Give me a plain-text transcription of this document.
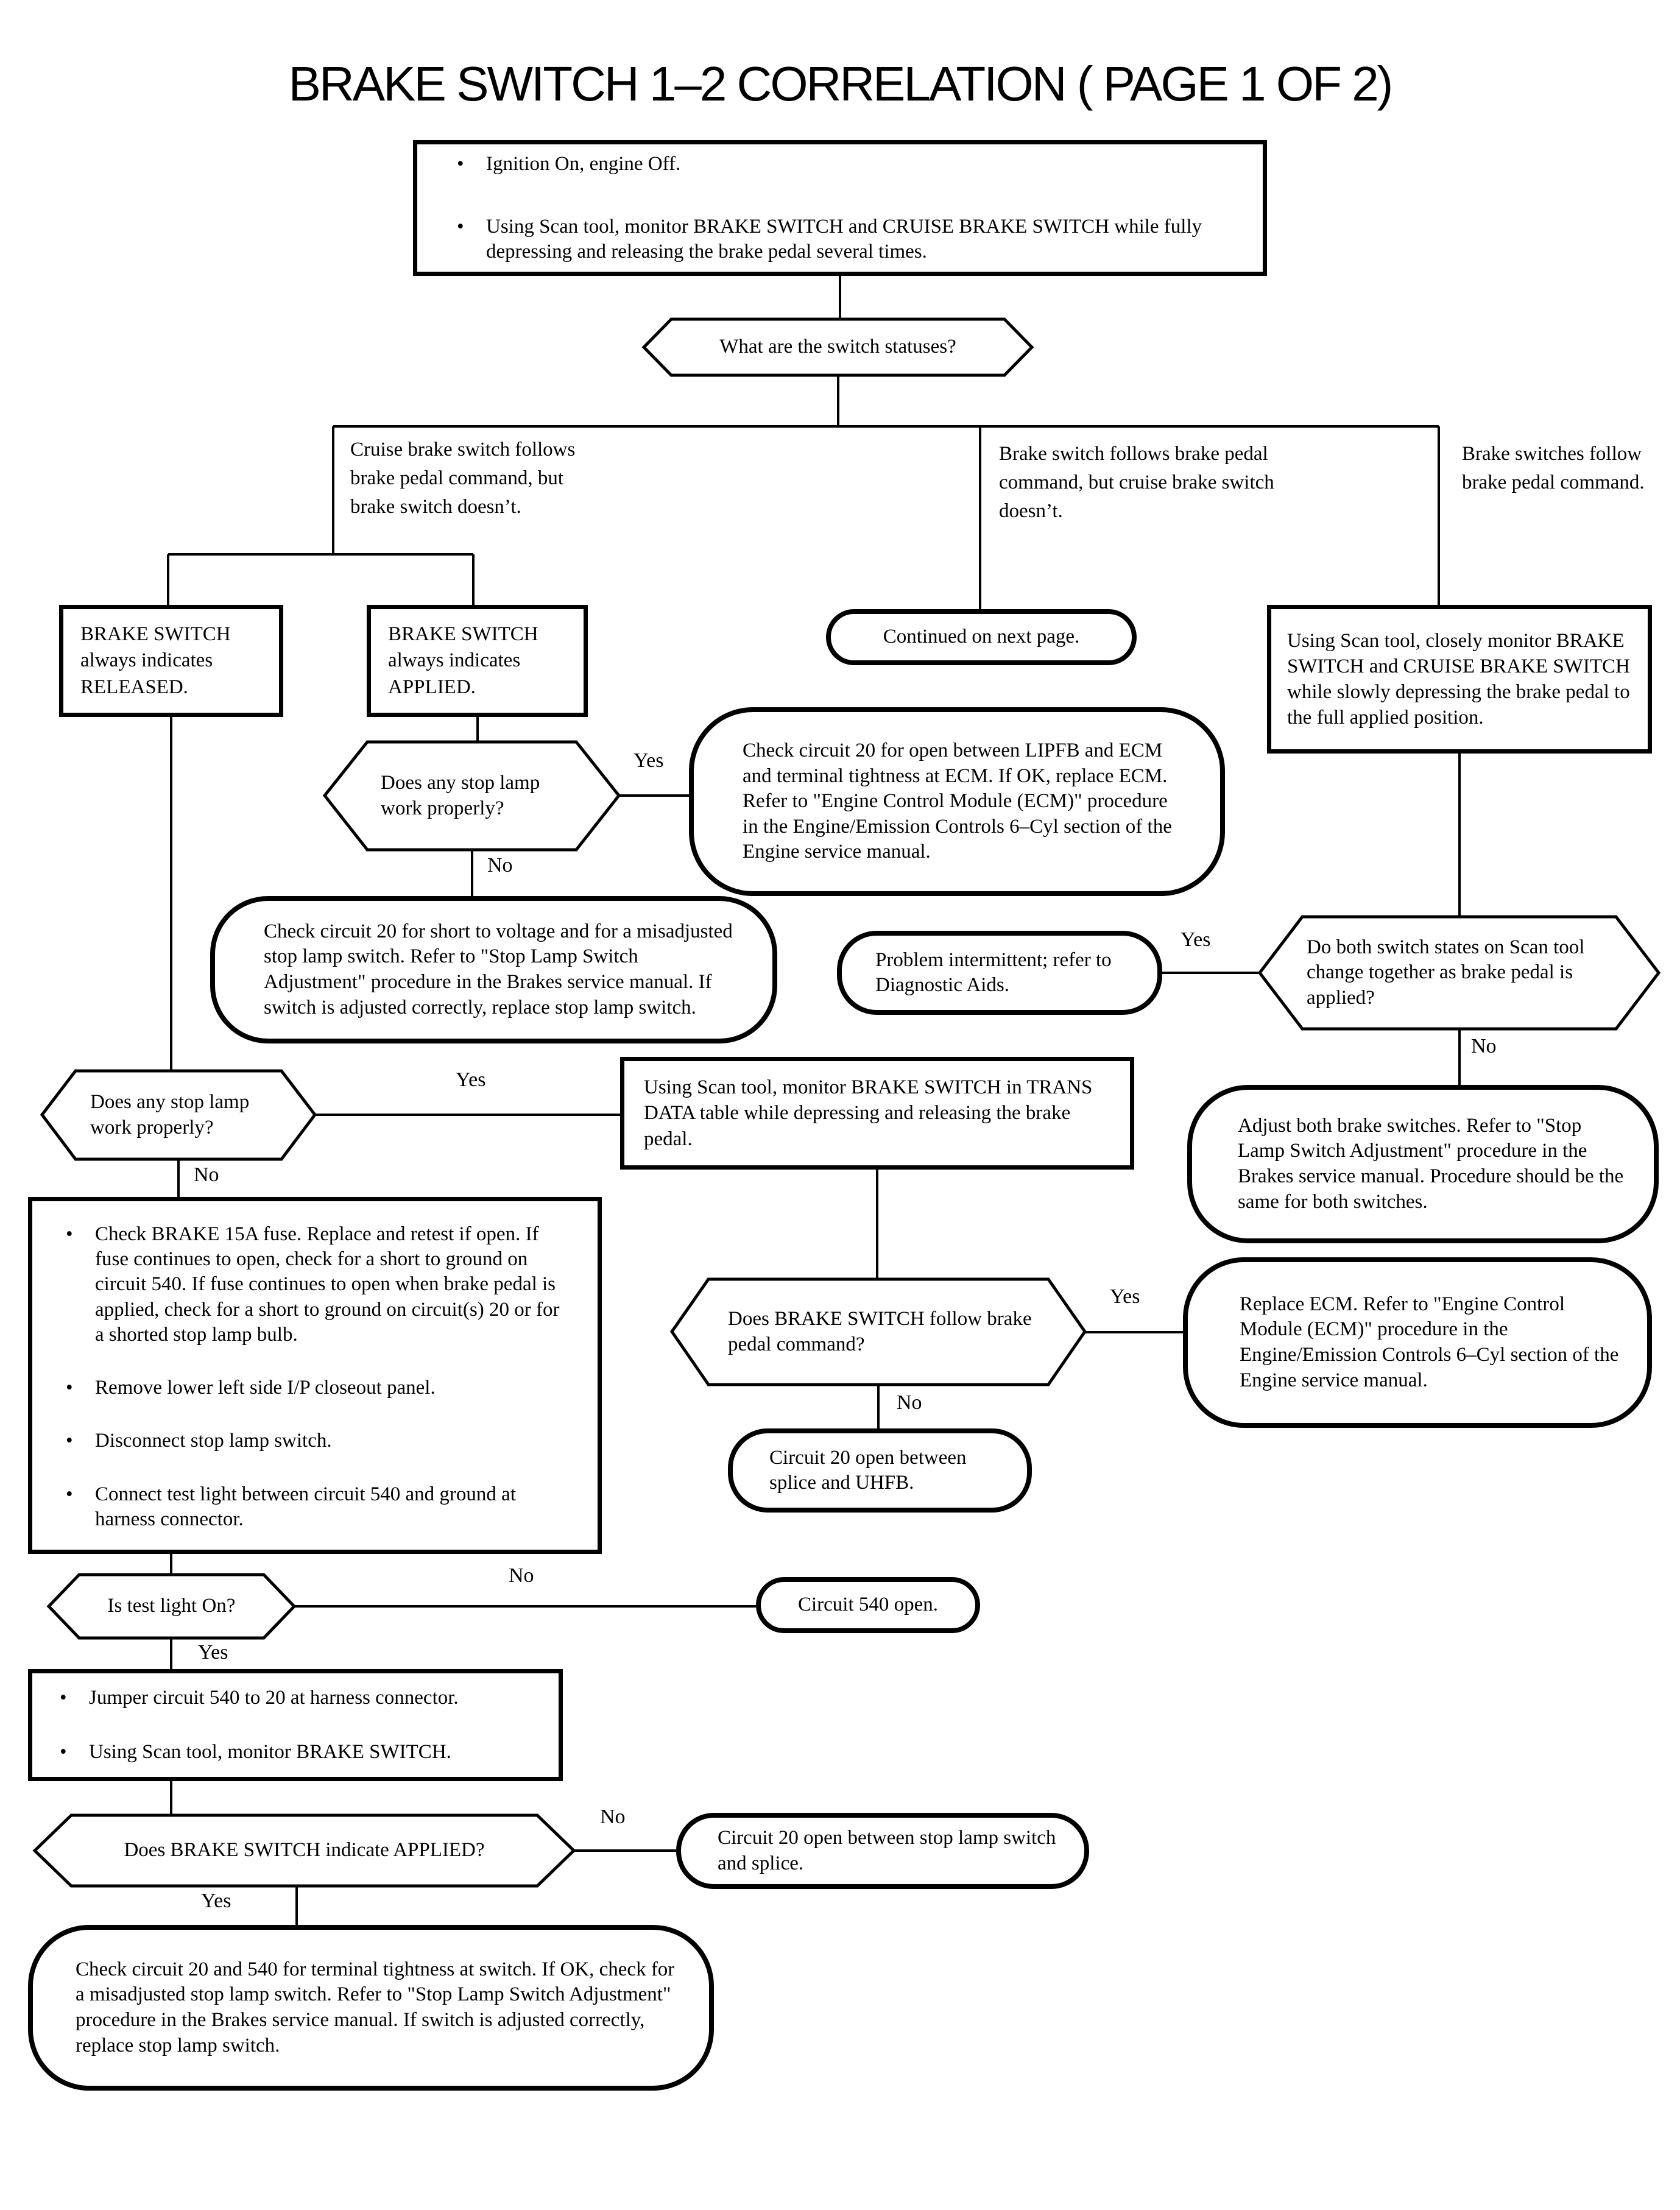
BRAKE SWITCH 1–2 CORRELATION ( PAGE 1 OF 2)
• Ignition On, engine Off.
• Using Scan tool, monitor BRAKE SWITCH and CRUISE BRAKE SWITCH while fully depressing and releasing the brake pedal several times.
What are the switch statuses?
Cruise brake switch follows brake pedal command, but brake switch doesn’t.
Brake switch follows brake pedal command, but cruise brake switch doesn’t.
Brake switches follow brake pedal command.
BRAKE SWITCH always indicates RELEASED.
BRAKE SWITCH always indicates APPLIED.
Continued on next page.	Using Scan tool, closely monitor BRAKE SWITCH and CRUISE BRAKE SWITCH while slowly depressing the brake pedal to the full applied position.
Does any stop lamp work properly?
Yes
No
Check circuit 20 for open between LIPFB and ECM and terminal tightness at ECM. If OK, replace ECM. Refer to "Engine Control Module (ECM)" procedure in the Engine/Emission Controls 6–Cyl section of the Engine service manual.
Check circuit 20 for short to voltage and for a misadjusted stop lamp switch. Refer to "Stop Lamp Switch Adjustment" procedure in the Brakes service manual. If switch is adjusted correctly, replace stop lamp switch.
Problem intermittent; refer to Diagnostic Aids.
Do both switch states on Scan tool change together as brake pedal is applied?
Yes
No
Does any stop lamp work properly?
Yes
No
Using Scan tool, monitor BRAKE SWITCH in TRANS DATA table while depressing and releasing the brake pedal.
Adjust both brake switches. Refer to "Stop Lamp Switch Adjustment" procedure in the Brakes service manual. Procedure should be the same for both switches.
• Check BRAKE 15A fuse. Replace and retest if open. If fuse continues to open, check for a short to ground on circuit 540. If fuse continues to open when brake pedal is applied, check for a short to ground on circuit(s) 20 or for a shorted stop lamp bulb.
• Remove lower left side I/P closeout panel.
• Disconnect stop lamp switch.
• Connect test light between circuit 540 and ground at harness connector.
Does BRAKE SWITCH follow brake pedal command?
Yes
No
Replace ECM. Refer to "Engine Control Module (ECM)" procedure in the Engine/Emission Controls 6–Cyl section of the Engine service manual.
Circuit 20 open between splice and UHFB.
Is test light On?
No
Yes
Circuit 540 open.
• Jumper circuit 540 to 20 at harness connector.
• Using Scan tool, monitor BRAKE SWITCH.
Does BRAKE SWITCH indicate APPLIED?
No
Yes
Circuit 20 open between stop lamp switch and splice.
Check circuit 20 and 540 for terminal tightness at switch. If OK, check for a misadjusted stop lamp switch. Refer to "Stop Lamp Switch Adjustment" procedure in the Brakes service manual. If switch is adjusted correctly, replace stop lamp switch.
